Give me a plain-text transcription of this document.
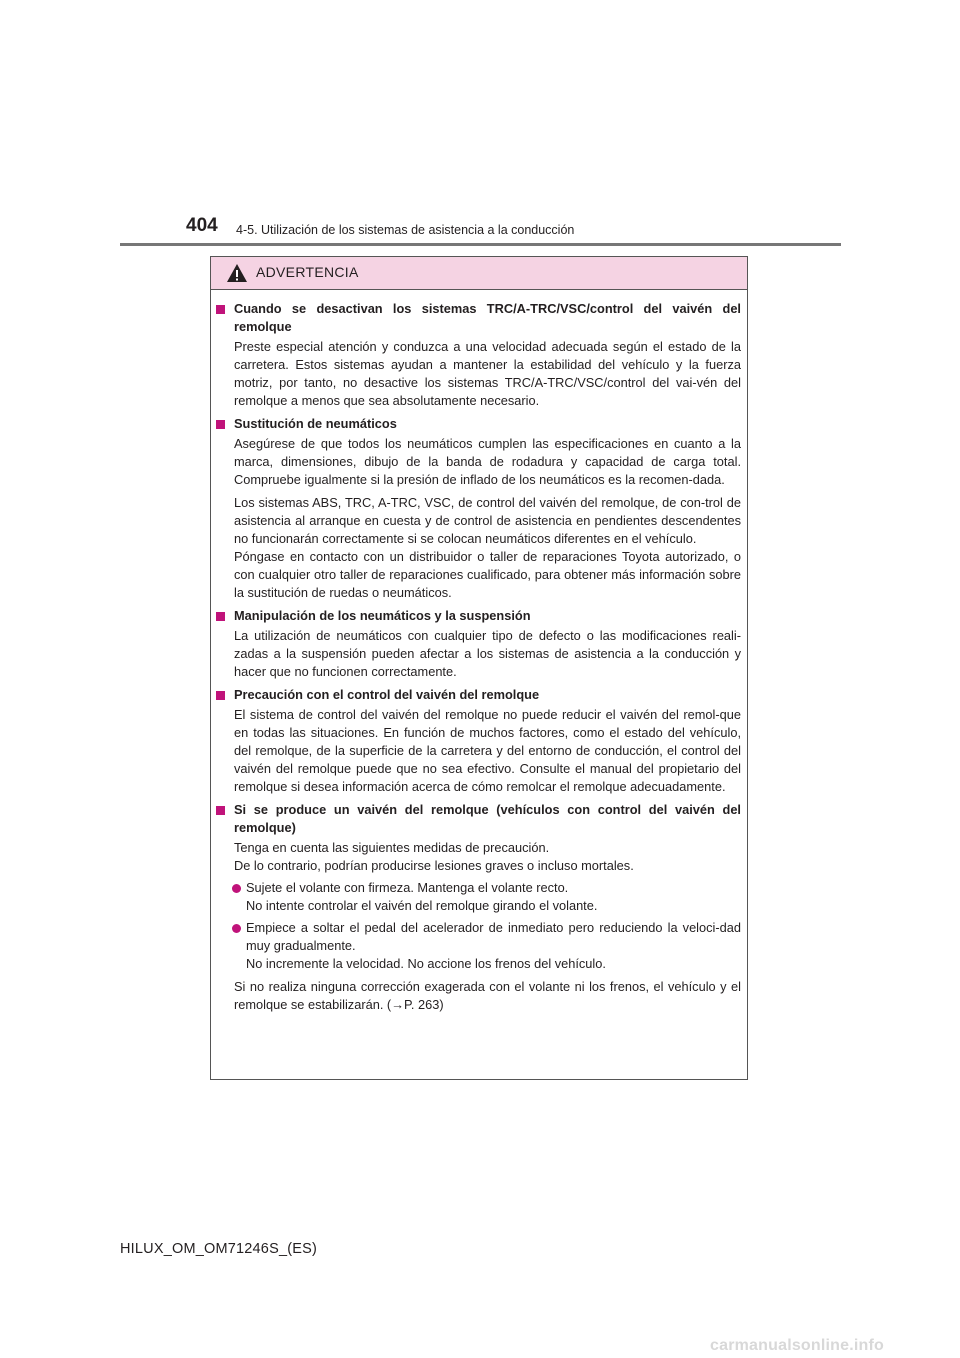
404 4-5. Utilización de los sistemas de asistencia a la conducción
ADVERTENCIA
Cuando se desactivan los sistemas TRC/A-TRC/VSC/control del vaivén del remolque
Preste especial atención y conduzca a una velocidad adecuada según el estado de la carretera. Estos sistemas ayudan a mantener la estabilidad del vehículo y la fuerza motriz, por tanto, no desactive los sistemas TRC/A-TRC/VSC/control del vai-vén del remolque a menos que sea absolutamente necesario.
Sustitución de neumáticos
Asegúrese de que todos los neumáticos cumplen las especificaciones en cuanto a la marca, dimensiones, dibujo de la banda de rodadura y capacidad de carga total. Compruebe igualmente si la presión de inflado de los neumáticos es la recomen-dada.
Los sistemas ABS, TRC, A-TRC, VSC, de control del vaivén del remolque, de con-trol de asistencia al arranque en cuesta y de control de asistencia en pendientes descendentes no funcionarán correctamente si se colocan neumáticos diferentes en el vehículo.
Póngase en contacto con un distribuidor o taller de reparaciones Toyota autorizado, o con cualquier otro taller de reparaciones cualificado, para obtener más información sobre la sustitución de ruedas o neumáticos.
Manipulación de los neumáticos y la suspensión
La utilización de neumáticos con cualquier tipo de defecto o las modificaciones reali-zadas a la suspensión pueden afectar a los sistemas de asistencia a la conducción y hacer que no funcionen correctamente.
Precaución con el control del vaivén del remolque
El sistema de control del vaivén del remolque no puede reducir el vaivén del remol-que en todas las situaciones. En función de muchos factores, como el estado del vehículo, del remolque, de la superficie de la carretera y del entorno de conducción, el control del vaivén del remolque puede que no sea efectivo. Consulte el manual del propietario del remolque si desea información acerca de cómo remolcar el remolque adecuadamente.
Si se produce un vaivén del remolque (vehículos con control del vaivén del remolque)
Tenga en cuenta las siguientes medidas de precaución.
De lo contrario, podrían producirse lesiones graves o incluso mortales.
Sujete el volante con firmeza. Mantenga el volante recto.
No intente controlar el vaivén del remolque girando el volante.
Empiece a soltar el pedal del acelerador de inmediato pero reduciendo la veloci-dad muy gradualmente.
No incremente la velocidad. No accione los frenos del vehículo.
Si no realiza ninguna corrección exagerada con el volante ni los frenos, el vehículo y el remolque se estabilizarán. (→P. 263)
HILUX_OM_OM71246S_(ES)
carmanualsonline.info
